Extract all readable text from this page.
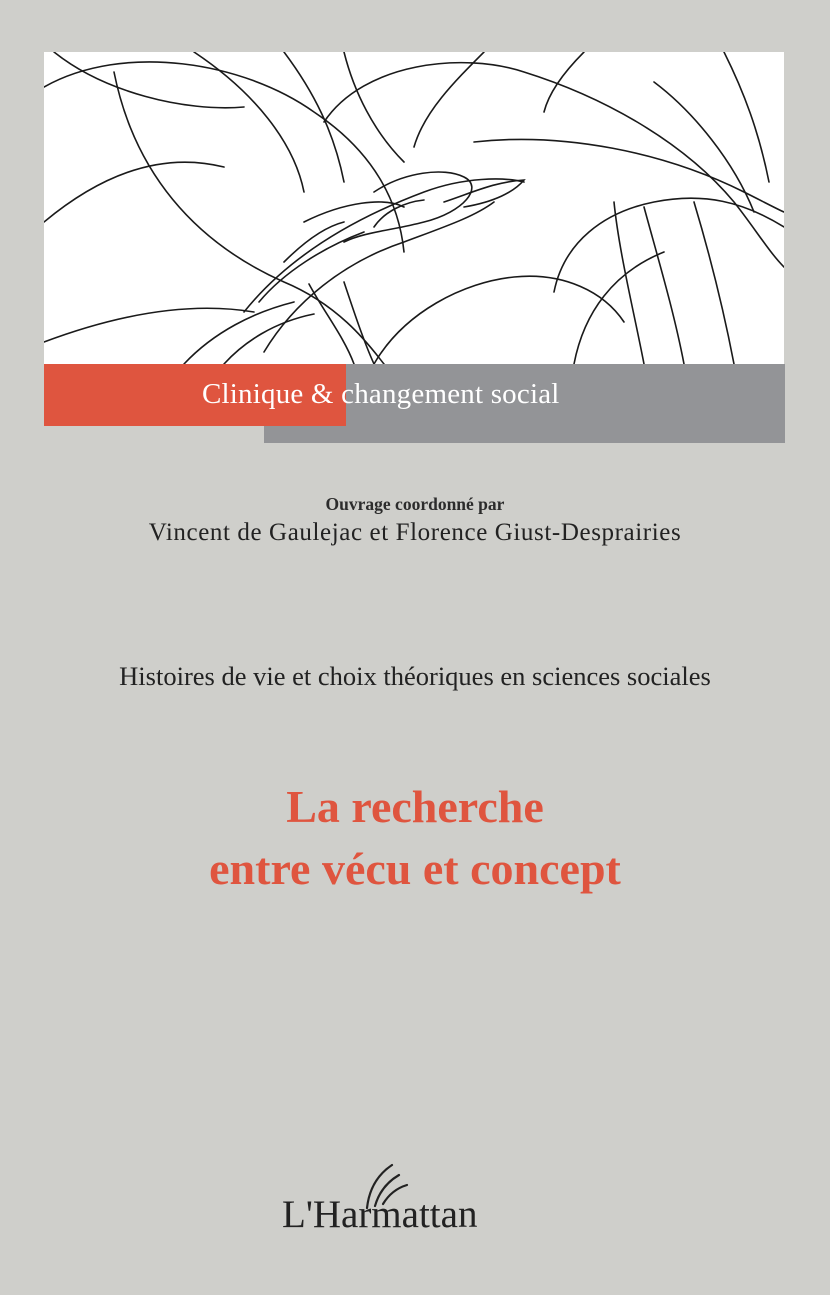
Clinique & changement social
Ouvrage coordonné par
Vincent de Gaulejac et Florence Giust-Desprairies
Histoires de vie et choix théoriques en sciences sociales
La recherche
entre vécu et concept
L'Harmattan
